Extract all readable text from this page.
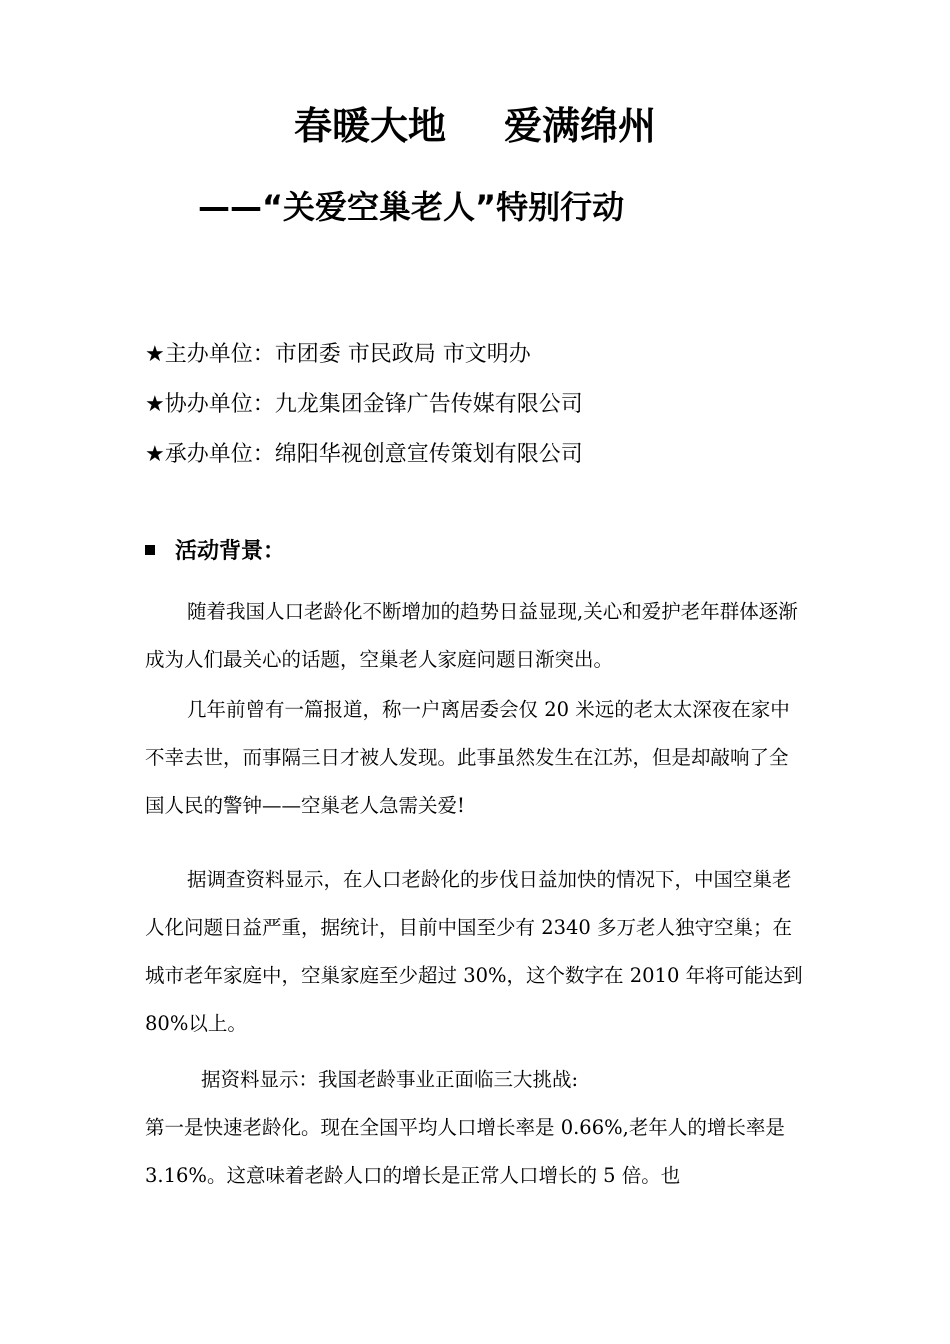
春暖大地 爱满绵州
——“关爱空巢老人”特别行动
★主办单位：市团委 市民政局 市文明办
★协办单位：九龙集团金锋广告传媒有限公司
★承办单位：绵阳华视创意宣传策划有限公司
活动背景：

随着我国人口老龄化不断增加的趋势日益显现,关心和爱护老年群体逐渐成为人们最关心的话题，空巢老人家庭问题日渐突出。

几年前曾有一篇报道，称一户离居委会仅 20 米远的老太太深夜在家中不幸去世，而事隔三日才被人发现。此事虽然发生在江苏，但是却敲响了全国人民的警钟——空巢老人急需关爱!

据调查资料显示，在人口老龄化的步伐日益加快的情况下，中国空巢老人化问题日益严重，据统计，目前中国至少有 2340 多万老人独守空巢；在城市老年家庭中，空巢家庭至少超过 30%，这个数字在 2010 年将可能达到 80%以上。

据资料显示：我国老龄事业正面临三大挑战:

第一是快速老龄化。现在全国平均人口增长率是 0.66%,老年人的增长率是 3.16%。这意味着老龄人口的增长是正常人口增长的 5 倍。也
